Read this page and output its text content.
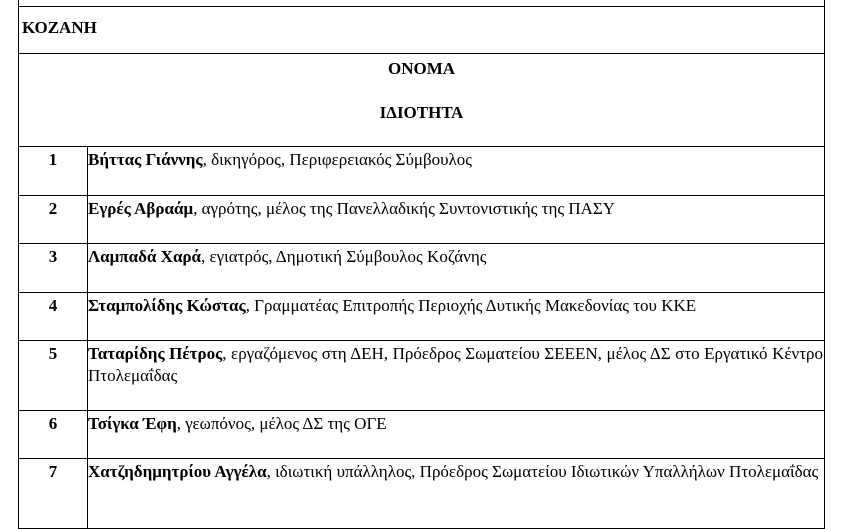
ΚΟΖΑΝΗ	

ΟΝΟΜΑ
ΙΔΙΟΤΗΤΑ	

1	Βήττας Γιάννης, δικηγόρος, Περιφερειακός Σύμβουλος
2	Εγρές Αβραάμ, αγρότης, μέλος της Πανελλαδικής Συντονιστικής της ΠΑΣΥ
3	Λαμπαδά Χαρά, εγιατρός, Δημοτική Σύμβουλος Κοζάνης
4	Σταμπολίδης Κώστας, Γραμματέας Επιτροπής Περιοχής Δυτικής Μακεδονίας του ΚΚΕ
5	Ταταρίδης Πέτρος, εργαζόμενος στη ΔΕΗ, Πρόεδρος Σωματείου ΣΕΕΕΝ, μέλος ΔΣ στο Εργατικό Κέντρο Πτολεμαΐδας
6	Τσίγκα Έφη, γεωπόνος, μέλος ΔΣ της ΟΓΕ
7	Χατζηδημητρίου Αγγέλα, ιδιωτική υπάλληλος, Πρόεδρος Σωματείου Ιδιωτικών Υπαλλήλων Πτολεμαΐδας
